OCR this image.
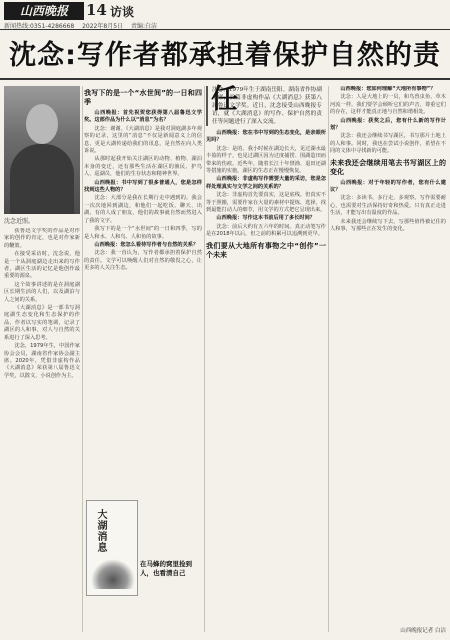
山西晚报	14 访谈
新闻热线:0351-4286668 2022年8月5日 责编:白洁
沈念:写作者都承担着保护自然的责任
沈念近照。

获鲁迅文学奖的作品是对作家的创作的肯定，也是对作家新的鞭策。

在接受采访时，沈念说，他是一个从洞庭湖边走出来的写作者，湖区生活的记忆是他创作最重要的源泉。

这个故事讲述的是在洞庭湖区长期生活的人们，以及湖泊与人之间的关系。

《大湖消息》是一部书写洞庭湖生态变化和生态保护的作品，作者以写实的笔调，记录了湖区的人和事，对人与自然的关系进行了深入思考。

沈念，1979年生，中国作家协会会员，湖南省作家协会副主席。2020年，凭借非虚构作品《大湖消息》荣获第八届鲁迅文学奖，以散文、小说创作为主。

我写下的是一个“水世间”的一日和四季

山西晚报：首先祝贺您获得第八届鲁迅文学奖。这部作品为什么以“消息”为名？

沈念：谢谢。《大湖消息》是我对洞庭湖多年观察的记录，这里的“消息”不仅是新闻意义上的信息，更是大湖传递给我们的讯息，是自然在向人类诉说。

从那时起我开始关注湖区的动物、植物、湖泊本身的变迁，还有那些生活在湖区的渔民、护鸟人、巡湖员，他们的生存状态和精神世界。

山西晚报：书中写到了很多普通人，您是怎样找到这些人物的？

沈念：大部分是我在长期行走中遇到的。我会一次次地回到湖边，和他们一起吃饭、聊天、出湖，有的人成了朋友，他们的故事就自然而然进入了我的文字。

我写下的是一个“水世间”的一日和四季，写的是人和水、人和鸟、人和鱼的故事。

山西晚报：您怎么看待写作者与自然的关系？

沈念：我一直认为，写作者都承担着保护自然的责任。文学可以唤醒人们对自然的敬畏之心，让更多的人关注生态。

大湖消息
在马蜂的窝里捡到人，也看清自己
沈念，1979年生于湖南岳阳。湖南省作协副主席，长篇非虚构作品《大湖消息》获第八届鲁迅文学奖。近日，沈念接受山西晚报专访，就《大湖消息》的写作、保护自然的责任等问题进行了深入交流。

山西晚报：您在书中写到的生态变化，是亲眼所见吗？

沈念：是的。我小时候在湖边长大，见过湖水最丰盈的样子，也见过湖区因为过度捕捞、围湖造田而带来的伤痕。近些年，随着长江十年禁渔、退田还湖等措施的实施，湖区的生态正在慢慢恢复。

山西晚报：非虚构写作需要大量的采访，您是怎样处理真实与文学之间的关系的？

沈念：非虚构首先要真实，这是底线。但真实不等于照搬，需要作家在大量的素材中提炼、选择，找到最能打动人的细节，用文学的方式把它呈现出来。

山西晚报：写作这本书前后用了多长时间？

沈念：前后大约有五六年的时间。真正动笔写作是在2018年以后，但之前的积累可以追溯到更早。

我们要从大地所有事物之中“创作”一个未来

山西晚报：您如何理解“大地所有事物”？

沈念：人是大地上的一员，和鸟兽虫鱼、草木河流一样。我们要学会倾听它们的声音，尊重它们的存在，这样才能真正地与自然和谐相处。

山西晚报：获奖之后，您有什么新的写作计划？

沈念：我还会继续书写湖区，书写那片土地上的人和事。同时，我也在尝试小说创作，希望在不同的文体中寻找新的可能。

未来我还会继续用笔去书写湖区上的变化

山西晚报：对于年轻的写作者，您有什么建议？

沈念：多读书，多行走，多观察。写作需要耐心，也需要对生活保持好奇和热爱。只有真正走进生活，才能写出有温度的作品。

未来我还会继续写下去，写那些值得被记住的人和事，写那些正在发生的变化。

山西晚报记者 白洁
